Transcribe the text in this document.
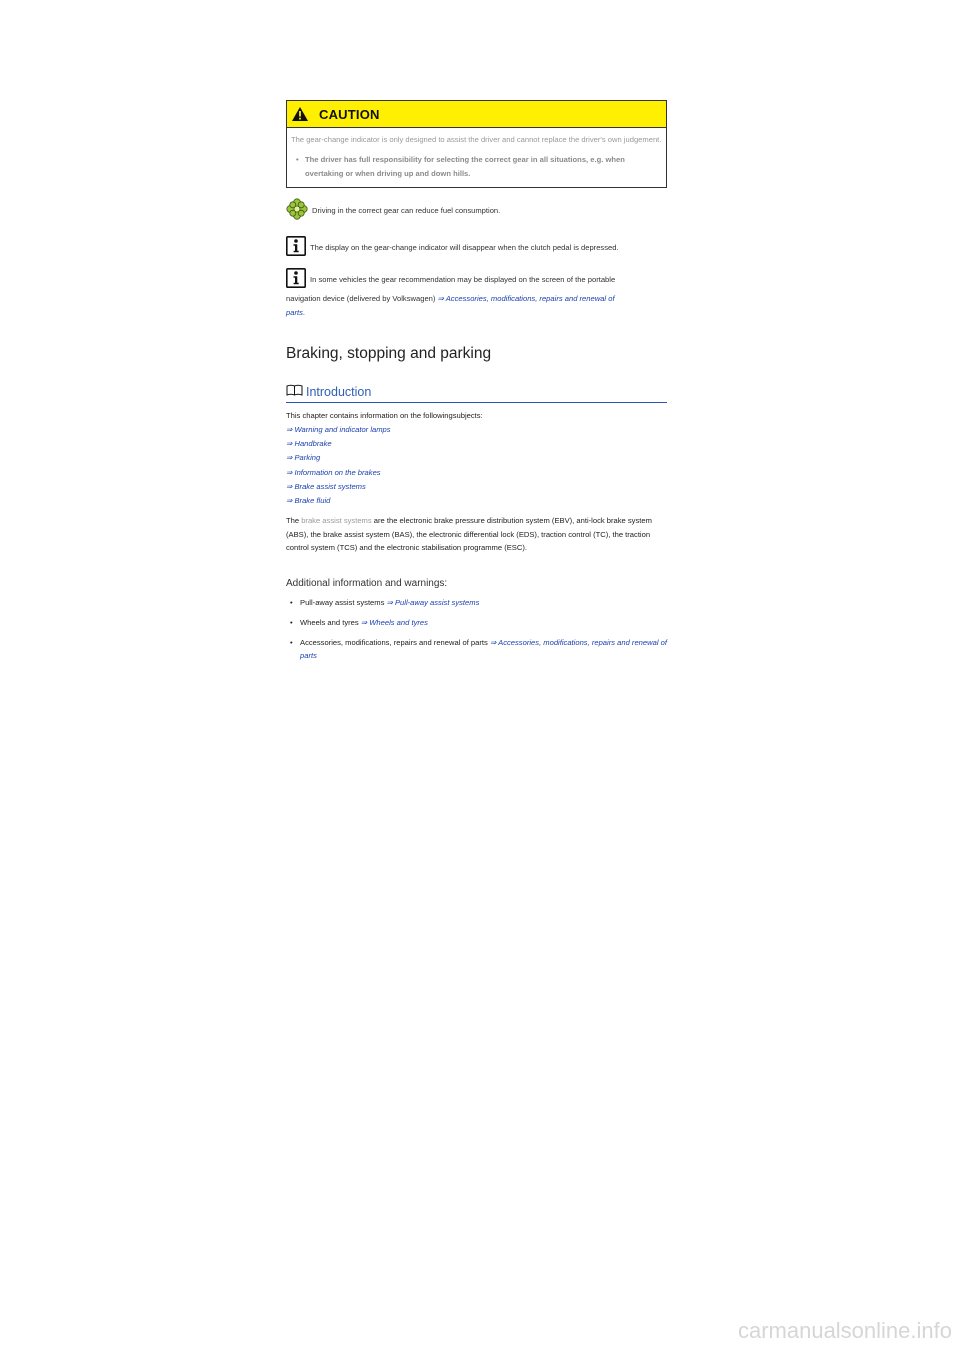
CAUTION

The gear-change indicator is only designed to assist the driver and cannot replace the driver's own judgement.

• The driver has full responsibility for selecting the correct gear in all situations, e.g. when overtaking or when driving up and down hills.
Driving in the correct gear can reduce fuel consumption.
The display on the gear-change indicator will disappear when the clutch pedal is depressed.
In some vehicles the gear recommendation may be displayed on the screen of the portable
navigation device (delivered by Volkswagen) ⇒ Accessories, modifications, repairs and renewal of
parts.
Braking, stopping and parking
Introduction
This chapter contains information on the followingsubjects:
⇒ Warning and indicator lamps
⇒ Handbrake
⇒ Parking
⇒ Information on the brakes
⇒ Brake assist systems
⇒ Brake fluid
The brake assist systems are the electronic brake pressure distribution system (EBV), anti-lock brake system (ABS), the brake assist system (BAS), the electronic differential lock (EDS), traction control (TC), the traction control system (TCS) and the electronic stabilisation programme (ESC).
Additional information and warnings:
• Pull-away assist systems ⇒ Pull-away assist systems
• Wheels and tyres ⇒ Wheels and tyres
• Accessories, modifications, repairs and renewal of parts ⇒ Accessories, modifications, repairs and renewal of parts
carmanualsonline.info
